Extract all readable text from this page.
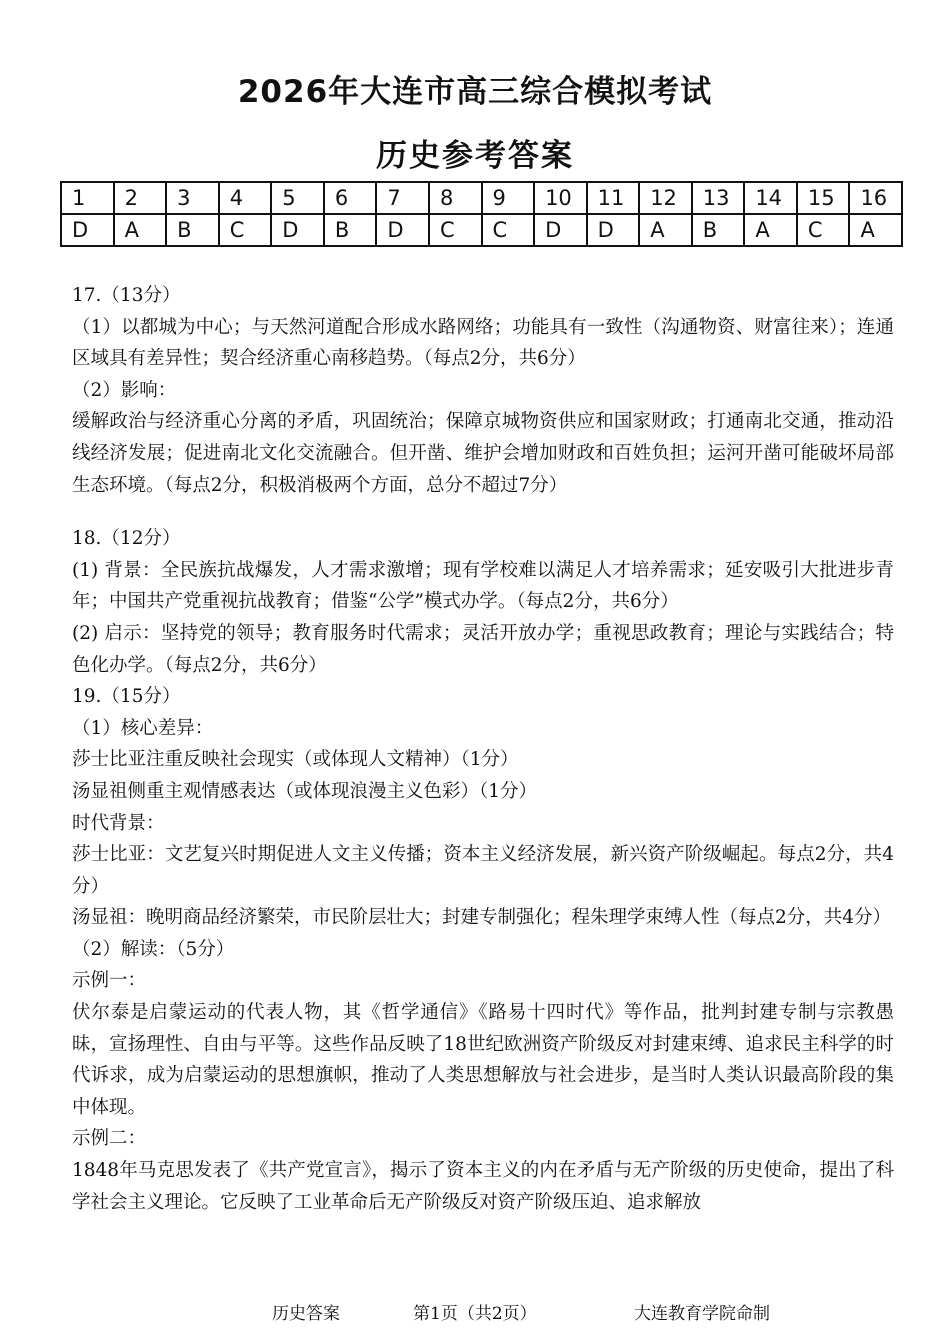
2026年大连市高三综合模拟考试
历史参考答案
1	2	3	4	5	6	7	8	9	10	11	12	13	14	15	16
D	A	B	C	D	B	D	C	C	D	D	A	B	A	C	A

17.（13分）

（1）以都城为中心；与天然河道配合形成水路网络；功能具有一致性（沟通物资、财富往来）；连通区域具有差异性；契合经济重心南移趋势。（每点2分，共6分）

（2）影响：

缓解政治与经济重心分离的矛盾，巩固统治；保障京城物资供应和国家财政；打通南北交通，推动沿线经济发展；促进南北文化交流融合。但开凿、维护会增加财政和百姓负担；运河开凿可能破坏局部生态环境。（每点2分，积极消极两个方面，总分不超过7分）

18.（12分）

(1) 背景：全民族抗战爆发，人才需求激增；现有学校难以满足人才培养需求；延安吸引大批进步青年；中国共产党重视抗战教育；借鉴“公学”模式办学。（每点2分，共6分）

(2) 启示：坚持党的领导；教育服务时代需求；灵活开放办学；重视思政教育；理论与实践结合；特色化办学。（每点2分，共6分）

19.（15分）

（1）核心差异：

莎士比亚注重反映社会现实（或体现人文精神）（1分）

汤显祖侧重主观情感表达（或体现浪漫主义色彩）（1分）

时代背景：

莎士比亚：文艺复兴时期促进人文主义传播；资本主义经济发展，新兴资产阶级崛起。每点2分，共4分）

汤显祖：晚明商品经济繁荣，市民阶层壮大；封建专制强化；程朱理学束缚人性（每点2分，共4分）

（2）解读：（5分）

示例一：

伏尔泰是启蒙运动的代表人物，其《哲学通信》《路易十四时代》等作品，批判封建专制与宗教愚昧，宣扬理性、自由与平等。这些作品反映了18世纪欧洲资产阶级反对封建束缚、追求民主科学的时代诉求，成为启蒙运动的思想旗帜，推动了人类思想解放与社会进步，是当时人类认识最高阶段的集中体现。

示例二：

1848年马克思发表了《共产党宣言》，揭示了资本主义的内在矛盾与无产阶级的历史使命，提出了科学社会主义理论。它反映了工业革命后无产阶级反对资产阶级压迫、追求解放

历史答案	第1页（共2页）	大连教育学院命制
